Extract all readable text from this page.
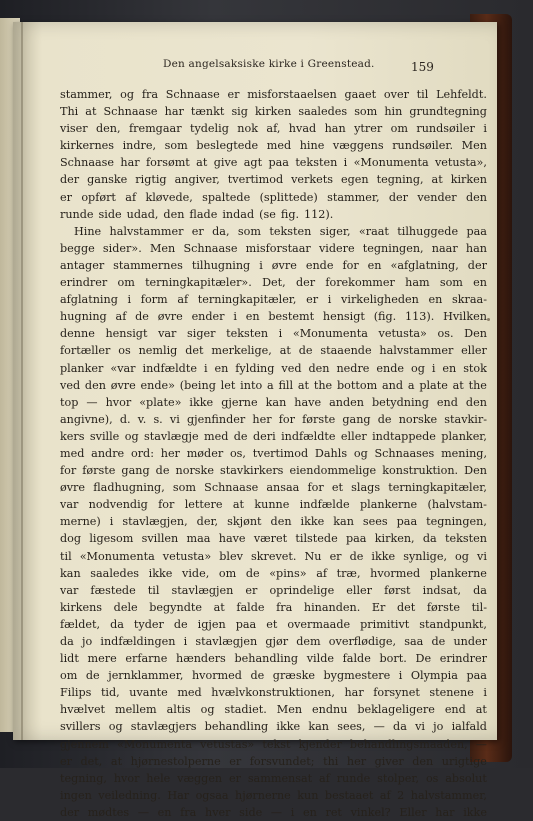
Den angelsaksiske kirke i Greenstead.	159
stammer, og fra Schnaase er misforstaaelsen gaaet over til Lehfeldt.
Thi at Schnaase har tænkt sig kirken saaledes som hin grundtegning
viser den, fremgaar tydelig nok af, hvad han ytrer om rundsøiler i
kirkernes indre, som beslegtede med hine væggens rundsøiler. Men
Schnaase har forsømt at give agt paa teksten i «Monumenta vetusta»,
der ganske rigtig angiver, tvertimod verkets egen tegning, at kirken
er opført af kløvede, spaltede (splittede) stammer, der vender den
runde side udad, den flade indad (se fig. 112).
Hine halvstammer er da, som teksten siger, «raat tilhuggede paa
begge sider». Men Schnaase misforstaar videre tegningen, naar han
antager stammernes tilhugning i øvre ende for en «afglatning, der
erindrer om terningkapitæler». Det, der forekommer ham som en
afglatning i form af terningkapitæler, er i virkeligheden en skraa-
hugning af de øvre ender i en bestemt hensigt (fig. 113). Hvilken
denne hensigt var siger teksten i «Monumenta vetusta» os. Den
fortæller os nemlig det merkelige, at de staaende halvstammer eller
planker «var indfældte i en fylding ved den nedre ende og i en stok
ved den øvre ende» (being let into a fill at the bottom and a plate at the
top — hvor «plate» ikke gjerne kan have anden betydning end den
angivne), d. v. s. vi gjenfinder her for første gang de norske stavkir-
kers sville og stavlægje med de deri indfældte eller indtappede planker,
med andre ord: her møder os, tvertimod Dahls og Schnaases mening,
for første gang de norske stavkirkers eiendommelige konstruktion. Den
øvre fladhugning, som Schnaase ansaa for et slags terningkapitæler,
var nodvendig for lettere at kunne indfælde plankerne (halvstam-
merne) i stavlægjen, der, skjønt den ikke kan sees paa tegningen,
dog ligesom svillen maa have været tilstede paa kirken, da teksten
til «Monumenta vetusta» blev skrevet. Nu er de ikke synlige, og vi
kan saaledes ikke vide, om de «pins» af træ, hvormed plankerne
var fæstede til stavlægjen er oprindelige eller først indsat, da
kirkens dele begyndte at falde fra hinanden. Er det første til-
fældet, da tyder de igjen paa et overmaade primitivt standpunkt,
da jo indfældingen i stavlægjen gjør dem overflødige, saa de under
lidt mere erfarne hænders behandling vilde falde bort. De erindrer
om de jernklammer, hvormed de græske bygmestere i Olympia paa
Filips tid, uvante med hvælvkonstruktionen, har forsynet stenene i
hvælvet mellem altis og stadiet. Men endnu beklageligere end at
svillers og stavlægjers behandling ikke kan sees, — da vi jo ialfald
gjennem «Monumenta vetustas» tekst kjender behandlingsmaaden, —
er det, at hjørnestolperne er forsvundet; thi her giver den urigtige
tegning, hvor hele væggen er sammensat af runde stolper, os absolut
ingen veiledning. Har ogsaa hjørnerne kun bestaaet af 2 halvstammer,
der mødtes — en fra hver side — i en ret vinkel? Eller har ikke
